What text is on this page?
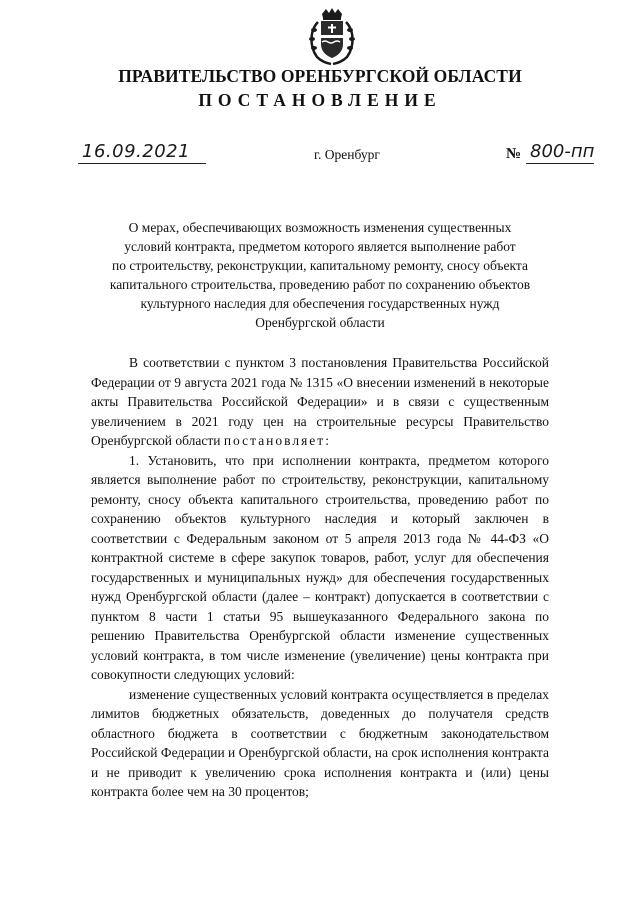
ПРАВИТЕЛЬСТВО ОРЕНБУРГСКОЙ ОБЛАСТИ
ПОСТАНОВЛЕНИЕ
16.09.2021	г. Оренбург	№ 800-пп
О мерах, обеспечивающих возможность изменения существенных
условий контракта, предметом которого является выполнение работ
по строительству, реконструкции, капитальному ремонту, сносу объекта
капитального строительства, проведению работ по сохранению объектов
культурного наследия для обеспечения государственных нужд
Оренбургской области

В соответствии с пунктом 3 постановления Правительства Российской Федерации от 9 августа 2021 года № 1315 «О внесении изменений в некоторые акты Правительства Российской Федерации» и в связи с существенным увеличением в 2021 году цен на строительные ресурсы Правительство Оренбургской области постановляет:

1. Установить, что при исполнении контракта, предметом которого является выполнение работ по строительству, реконструкции, капитальному ремонту, сносу объекта капитального строительства, проведению работ по сохранению объектов культурного наследия и который заключен в соответствии с Федеральным законом от 5 апреля 2013 года № 44-ФЗ «О контрактной системе в сфере закупок товаров, работ, услуг для обеспечения государственных и муниципальных нужд» для обеспечения государственных нужд Оренбургской области (далее – контракт) допускается в соответствии с пунктом 8 части 1 статьи 95 вышеуказанного Федерального закона по решению Правительства Оренбургской области изменение существенных условий контракта, в том числе изменение (увеличение) цены контракта при совокупности следующих условий:

изменение существенных условий контракта осуществляется в пределах лимитов бюджетных обязательств, доведенных до получателя средств областного бюджета в соответствии с бюджетным законодательством Российской Федерации и Оренбургской области, на срок исполнения контракта и не приводит к увеличению срока исполнения контракта и (или) цены контракта более чем на 30 процентов;
